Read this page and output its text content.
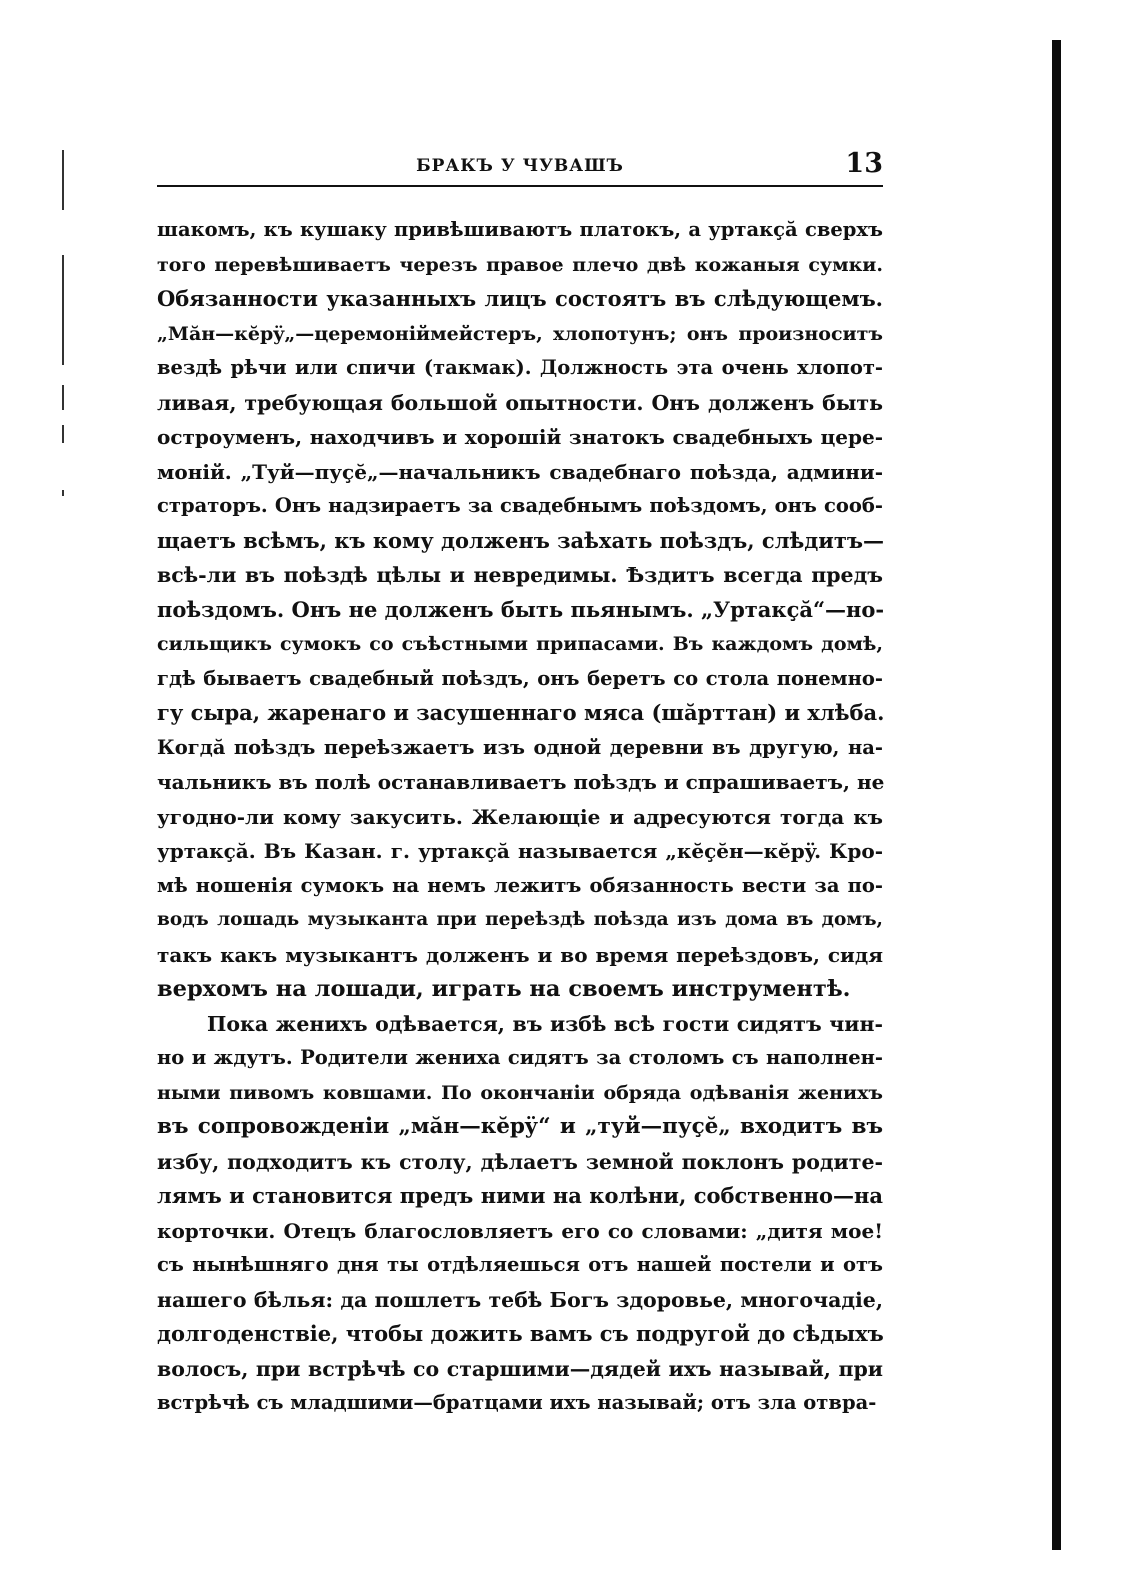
БРАКЪ У ЧУВАШЪ	13
шакомъ, къ кушаку привѣшиваютъ платокъ, а уртакçă сверхъ
того перевѣшиваетъ черезъ правое плечо двѣ кожаныя сумки.
Обязанности указанныхъ лицъ состоятъ въ слѣдующемъ.
„Măн—кĕрÿ„—церемоніймейстеръ, хлопотунъ; онъ произноситъ
вездѣ рѣчи или спичи (такмак). Должность эта очень хлопот-
ливая, требующая большой опытности. Онъ долженъ быть
остроуменъ, находчивъ и хорошій знатокъ свадебныхъ цере-
моній. „Туй—пуçĕ„—начальникъ свадебнаго поѣзда, админи-
страторъ. Онъ надзираетъ за свадебнымъ поѣздомъ, онъ сооб-
щаетъ всѣмъ, къ кому долженъ заѣхать поѣздъ, слѣдитъ—
всѣ-ли въ поѣздѣ цѣлы и невредимы. Ѣздитъ всегда предъ
поѣздомъ. Онъ не долженъ быть пьянымъ. „Уртакçă“—но-
сильщикъ сумокъ со съѣстными припасами. Въ каждомъ домѣ,
гдѣ бываетъ свадебный поѣздъ, онъ беретъ со стола понемно-
гу сыра, жаренаго и засушеннаго мяса (шăрттан) и хлѣба.
Когдă поѣздъ переѣзжаетъ изъ одной деревни въ другую, на-
чальникъ въ полѣ останавливаетъ поѣздъ и спрашиваетъ, не
угодно-ли кому закусить. Желающіе и адресуются тогда къ
уртакçă. Въ Казан. г. уртакçă называется „кĕçĕн—кĕрÿ. Кро-
мѣ ношенія сумокъ на немъ лежитъ обязанность вести за по-
водъ лошадь музыканта при переѣздѣ поѣзда изъ дома въ домъ,
такъ какъ музыкантъ долженъ и во время переѣздовъ, сидя
верхомъ на лошади, играть на своемъ инструментѣ.
Пока женихъ одѣвается, въ избѣ всѣ гости сидятъ чин-
но и ждутъ. Родители жениха сидятъ за столомъ съ наполнен-
ными пивомъ ковшами. По окончаніи обряда одѣванія женихъ
въ сопровожденіи „мăн—кĕрÿ“ и „туй—пуçĕ„ входитъ въ
избу, подходитъ къ столу, дѣлаетъ земной поклонъ родите-
лямъ и становится предъ ними на колѣни, собственно—на
корточки. Отецъ благословляетъ его со словами: „дитя мое!
съ нынѣшняго дня ты отдѣляешься отъ нашей постели и отъ
нашего бѣлья: да пошлетъ тебѣ Богъ здоровье, многочадіе,
долгоденствіе, чтобы дожить вамъ съ подругой до сѣдыхъ
волосъ, при встрѣчѣ со старшими—дядей ихъ называй, при
встрѣчѣ съ младшими—братцами ихъ называй; отъ зла отвра-
